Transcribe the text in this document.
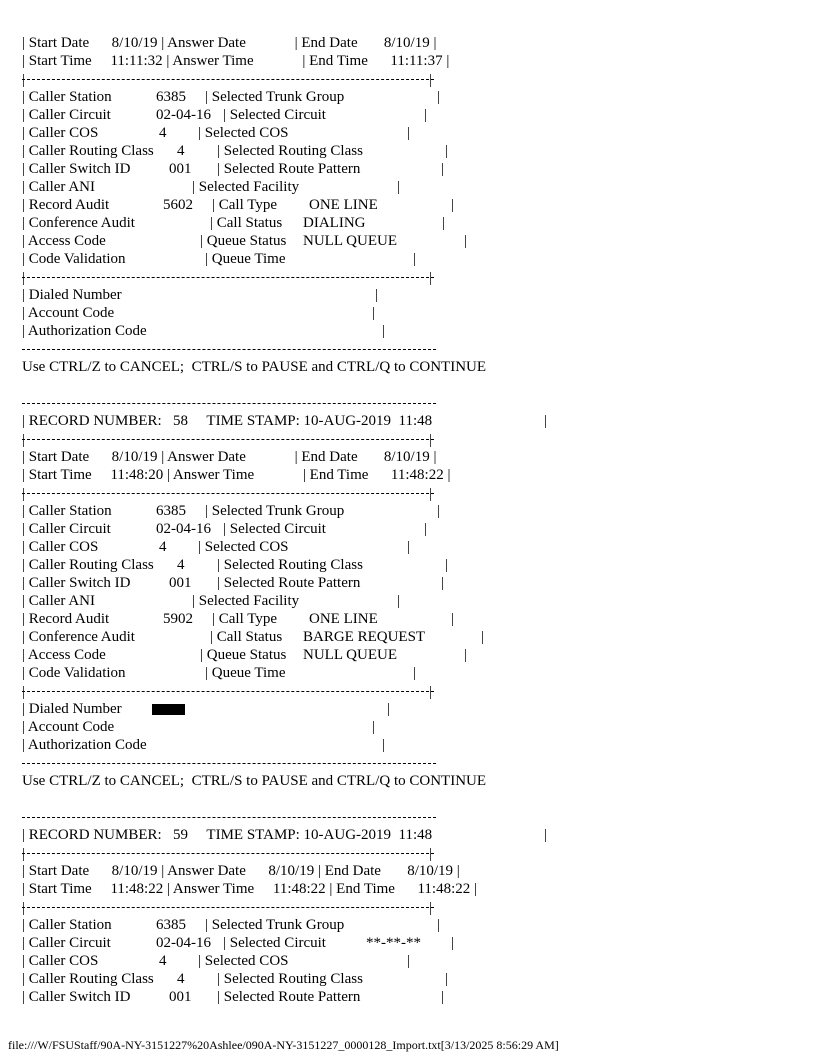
| Start Date      8/10/19 | Answer Date             | End Date       8/10/19 |
| Start Time     11:11:32 | Answer Time             | End Time      11:11:37 |
|	|
| Caller Station	6385 | Selected Trunk Group	|
| Caller Circuit	02-04-16 | Selected Circuit	|
| Caller COS	4 | Selected COS	|
| Caller Routing Class 4 | Selected Routing Class	|
| Caller Switch ID	001 | Selected Route Pattern	|
| Caller ANI	| Selected Facility	|
| Record Audit	5602 | Call Type ONE LINE	|
| Conference Audit	| Call Status DIALING	|
| Access Code	| Queue Status NULL QUEUE	|
| Code Validation	| Queue Time	|
|	|
| Dialed Number	|
| Account Code	|
| Authorization Code	|
Use CTRL/Z to CANCEL;  CTRL/S to PAUSE and CTRL/Q to CONTINUE
| RECORD NUMBER:   58     TIME STAMP: 10-AUG-2019  11:48	|
|	|
| Start Date      8/10/19 | Answer Date             | End Date       8/10/19 |
| Start Time     11:48:20 | Answer Time             | End Time      11:48:22 |
|	|
| Caller Station	6385 | Selected Trunk Group	|
| Caller Circuit	02-04-16 | Selected Circuit	|
| Caller COS	4 | Selected COS	|
| Caller Routing Class 4 | Selected Routing Class	|
| Caller Switch ID	001 | Selected Route Pattern	|
| Caller ANI	| Selected Facility	|
| Record Audit	5902 | Call Type ONE LINE	|
| Conference Audit	| Call Status BARGE REQUEST	|
| Access Code	| Queue Status NULL QUEUE	|
| Code Validation	| Queue Time	|
|	|
| Dialed Number	|
| Account Code	|
| Authorization Code	|
Use CTRL/Z to CANCEL;  CTRL/S to PAUSE and CTRL/Q to CONTINUE
| RECORD NUMBER:   59     TIME STAMP: 10-AUG-2019  11:48	|
|	|
| Start Date      8/10/19 | Answer Date      8/10/19 | End Date       8/10/19 |
| Start Time     11:48:22 | Answer Time     11:48:22 | End Time      11:48:22 |
|	|
| Caller Station	6385 | Selected Trunk Group	|
| Caller Circuit	02-04-16 | Selected Circuit	**-**-** |
| Caller COS	4 | Selected COS	|
| Caller Routing Class 4 | Selected Routing Class	|
| Caller Switch ID	001 | Selected Route Pattern	|
file:///W/FSUStaff/90A-NY-3151227%20Ashlee/090A-NY-3151227_0000128_Import.txt[3/13/2025 8:56:29 AM]
